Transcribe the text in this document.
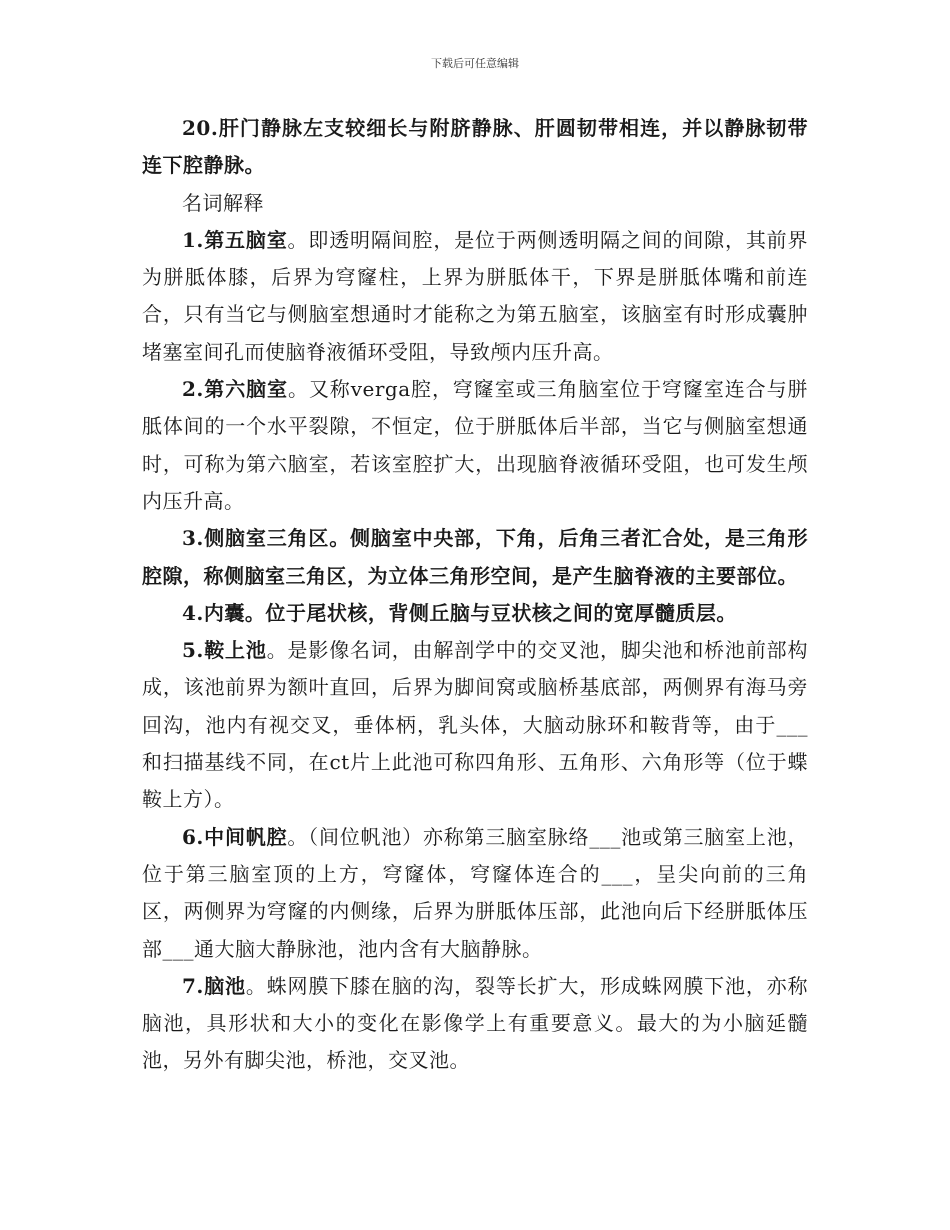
下载后可任意编辑

20.肝门静脉左支较细长与附脐静脉、肝圆韧带相连，并以静脉韧带连下腔静脉。

名词解释

1.第五脑室。即透明隔间腔，是位于两侧透明隔之间的间隙，其前界为胼胝体膝，后界为穹窿柱，上界为胼胝体干，下界是胼胝体嘴和前连合，只有当它与侧脑室想通时才能称之为第五脑室，该脑室有时形成囊肿堵塞室间孔而使脑脊液循环受阻，导致颅内压升高。

2.第六脑室。又称verga腔，穹窿室或三角脑室位于穹窿室连合与胼胝体间的一个水平裂隙，不恒定，位于胼胝体后半部，当它与侧脑室想通时，可称为第六脑室，若该室腔扩大，出现脑脊液循环受阻，也可发生颅内压升高。

3.侧脑室三角区。侧脑室中央部，下角，后角三者汇合处，是三角形腔隙，称侧脑室三角区，为立体三角形空间，是产生脑脊液的主要部位。

4.内囊。位于尾状核，背侧丘脑与豆状核之间的宽厚髓质层。

5.鞍上池。是影像名词，由解剖学中的交叉池，脚尖池和桥池前部构成，该池前界为额叶直回，后界为脚间窝或脑桥基底部，两侧界有海马旁回沟，池内有视交叉，垂体柄，乳头体，大脑动脉环和鞍背等，由于___和扫描基线不同，在ct片上此池可称四角形、五角形、六角形等（位于蝶鞍上方）。

6.中间帆腔。（间位帆池）亦称第三脑室脉络___池或第三脑室上池，位于第三脑室顶的上方，穹窿体，穹窿体连合的___，呈尖向前的三角区，两侧界为穹窿的内侧缘，后界为胼胝体压部，此池向后下经胼胝体压部___通大脑大静脉池，池内含有大脑静脉。

7.脑池。蛛网膜下膝在脑的沟，裂等长扩大，形成蛛网膜下池，亦称脑池，具形状和大小的变化在影像学上有重要意义。最大的为小脑延髓池，另外有脚尖池，桥池，交叉池。
